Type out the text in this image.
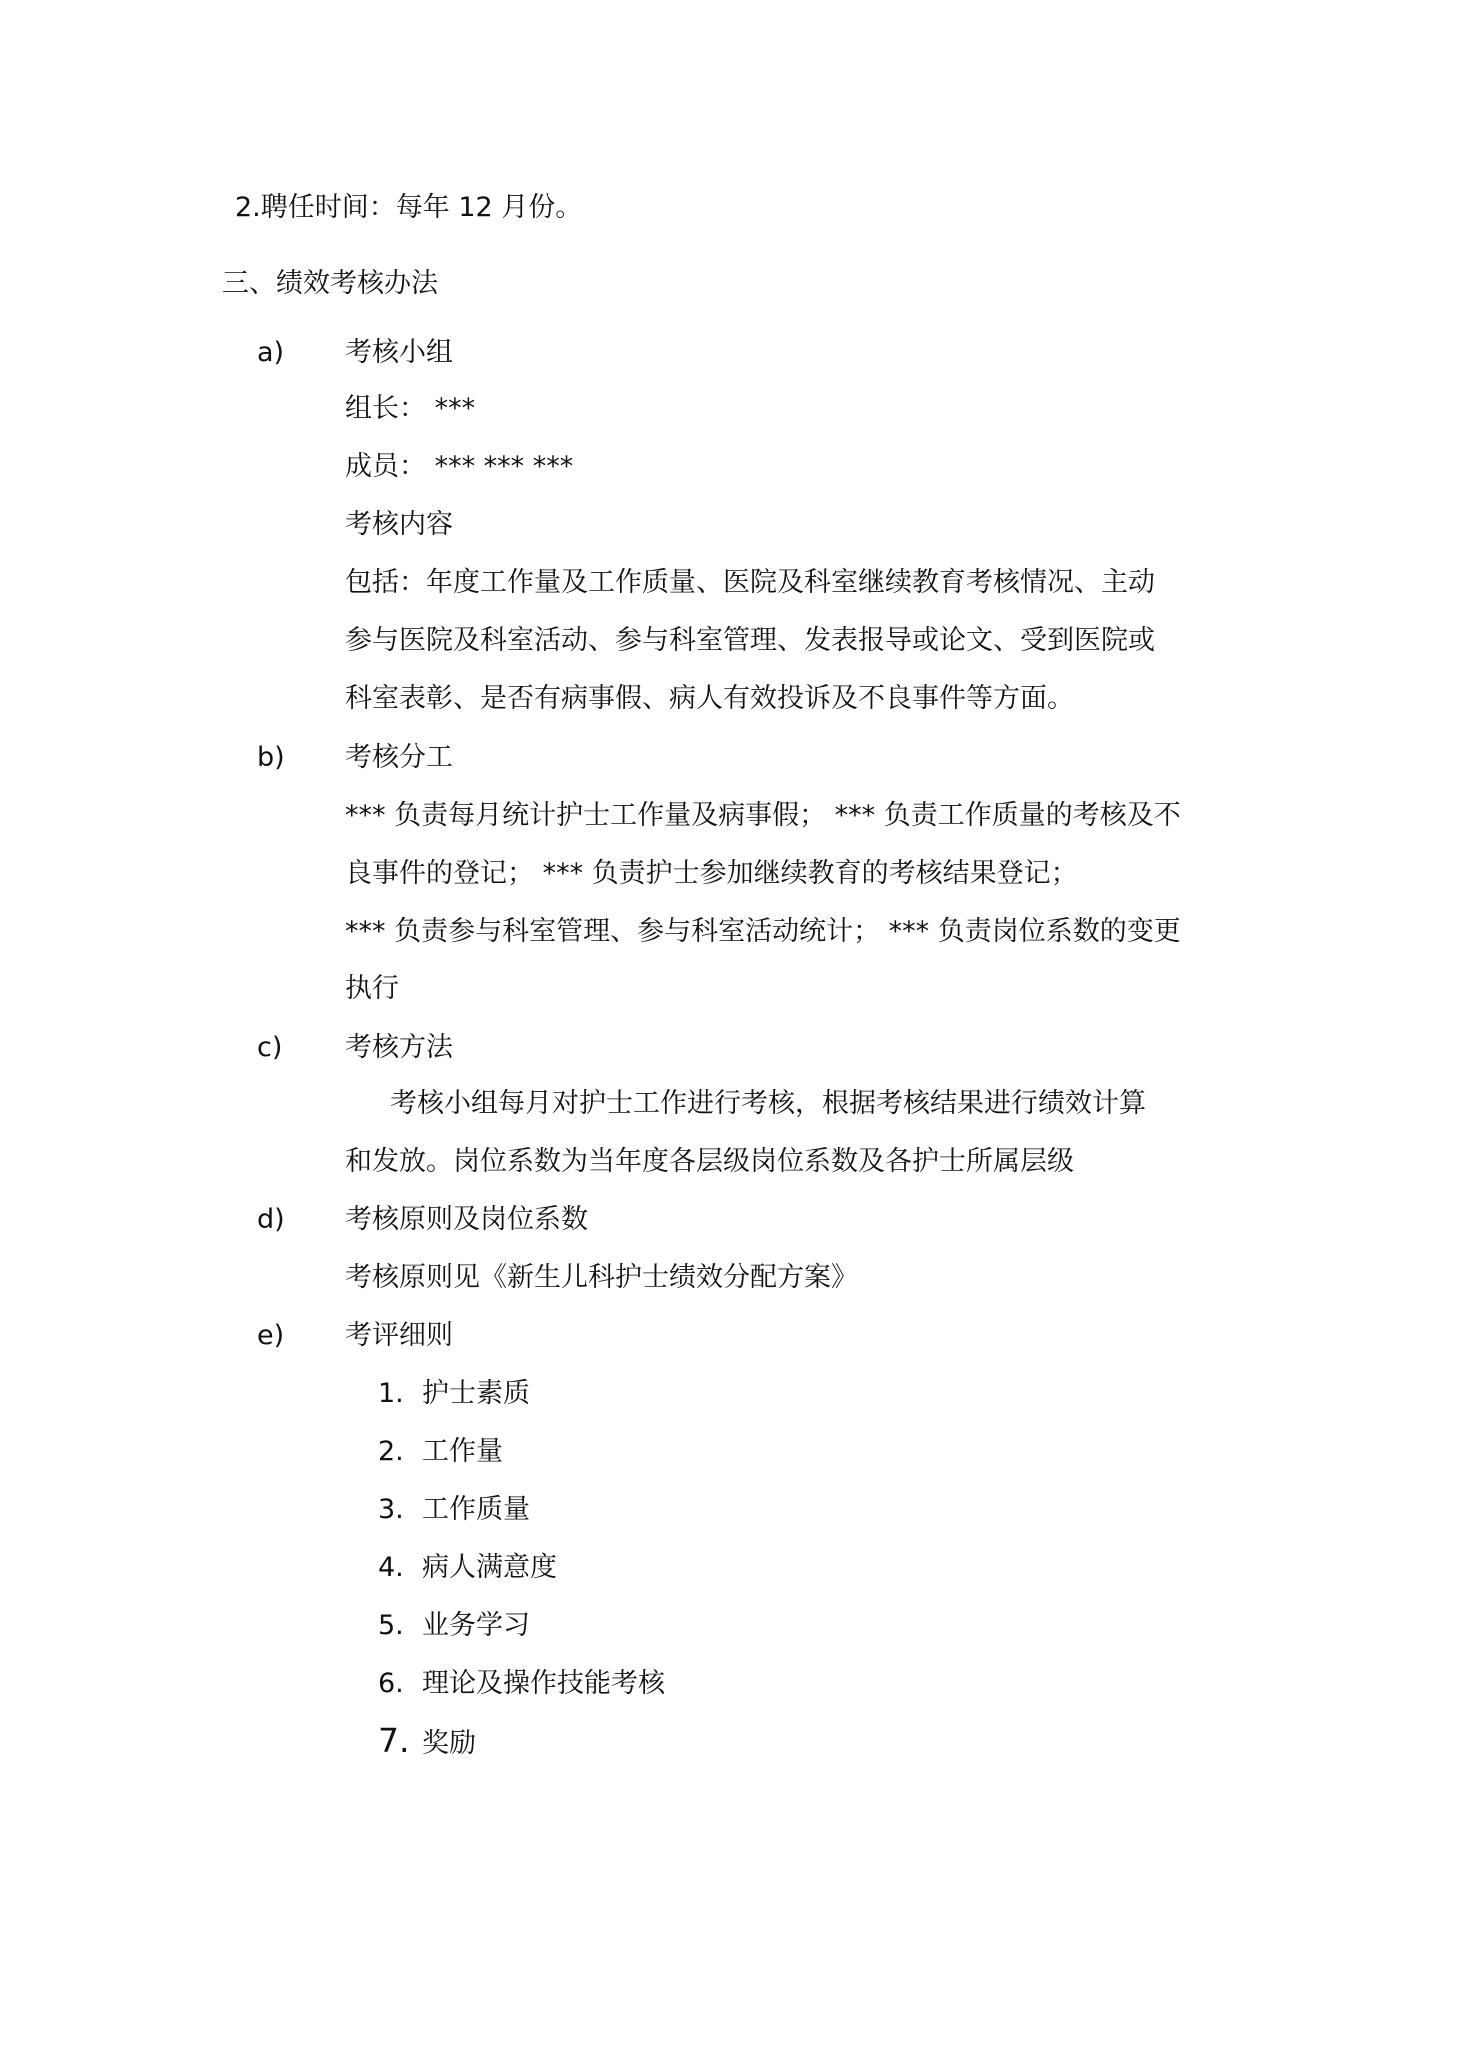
2.聘任时间：每年 12 月份。
三、绩效考核办法
a) 考核小组
组长： ***
成员： *** *** ***
考核内容
包括：年度工作量及工作质量、医院及科室继续教育考核情况、主动
参与医院及科室活动、参与科室管理、发表报导或论文、受到医院或
科室表彰、是否有病事假、病人有效投诉及不良事件等方面。
b) 考核分工
*** 负责每月统计护士工作量及病事假； *** 负责工作质量的考核及不
良事件的登记； *** 负责护士参加继续教育的考核结果登记；
*** 负责参与科室管理、参与科室活动统计； *** 负责岗位系数的变更
执行
c) 考核方法
考核小组每月对护士工作进行考核，根据考核结果进行绩效计算
和发放。岗位系数为当年度各层级岗位系数及各护士所属层级
d) 考核原则及岗位系数
考核原则见《新生儿科护士绩效分配方案》
e) 考评细则
1. 护士素质
2. 工作量
3. 工作质量
4. 病人满意度
5. 业务学习
6. 理论及操作技能考核
7. 奖励
